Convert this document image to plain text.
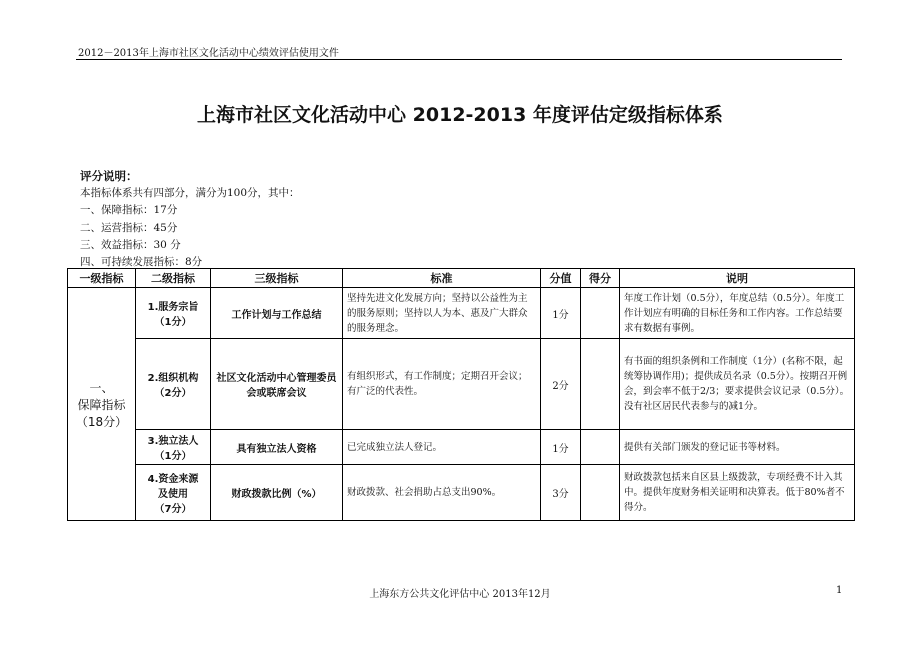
2012－2013年上海市社区文化活动中心绩效评估使用文件
上海市社区文化活动中心 2012-2013 年度评估定级指标体系
评分说明：
本指标体系共有四部分，满分为100分，其中：
一、保障指标：17分
二、运营指标：45分
三、效益指标：30 分
四、可持续发展指标：8分
一级指标	二级指标	三级指标	标准	分值	得分	说明

一、
保障指标
（18分）	1.服务宗旨
（1分）	工作计划与工作总结	坚持先进文化发展方向；坚持以公益性为主的服务原则；坚持以人为本、惠及广大群众的服务理念。	1分		年度工作计划（0.5分），年度总结（0.5分）。年度工作计划应有明确的目标任务和工作内容。工作总结要求有数据有事例。

	2.组织机构
（2分）	社区文化活动中心管理委员会或联席会议	有组织形式，有工作制度；定期召开会议；有广泛的代表性。	2分		有书面的组织条例和工作制度（1分）(名称不限，起统筹协调作用)；提供成员名录（0.5分）。按期召开例会，到会率不低于2/3；要求提供会议记录（0.5分）。没有社区居民代表参与的减1分。

	3.独立法人
（1分）	具有独立法人资格	已完成独立法人登记。	1分		提供有关部门颁发的登记证书等材料。

	4.资金来源
及使用
（7分）	财政拨款比例（%）	财政拨款、社会捐助占总支出90%。	3分		财政拨款包括来自区县上级拨款，专项经费不计入其中。提供年度财务相关证明和决算表。低于80%者不得分。
上海东方公共文化评估中心 2013年12月	1
